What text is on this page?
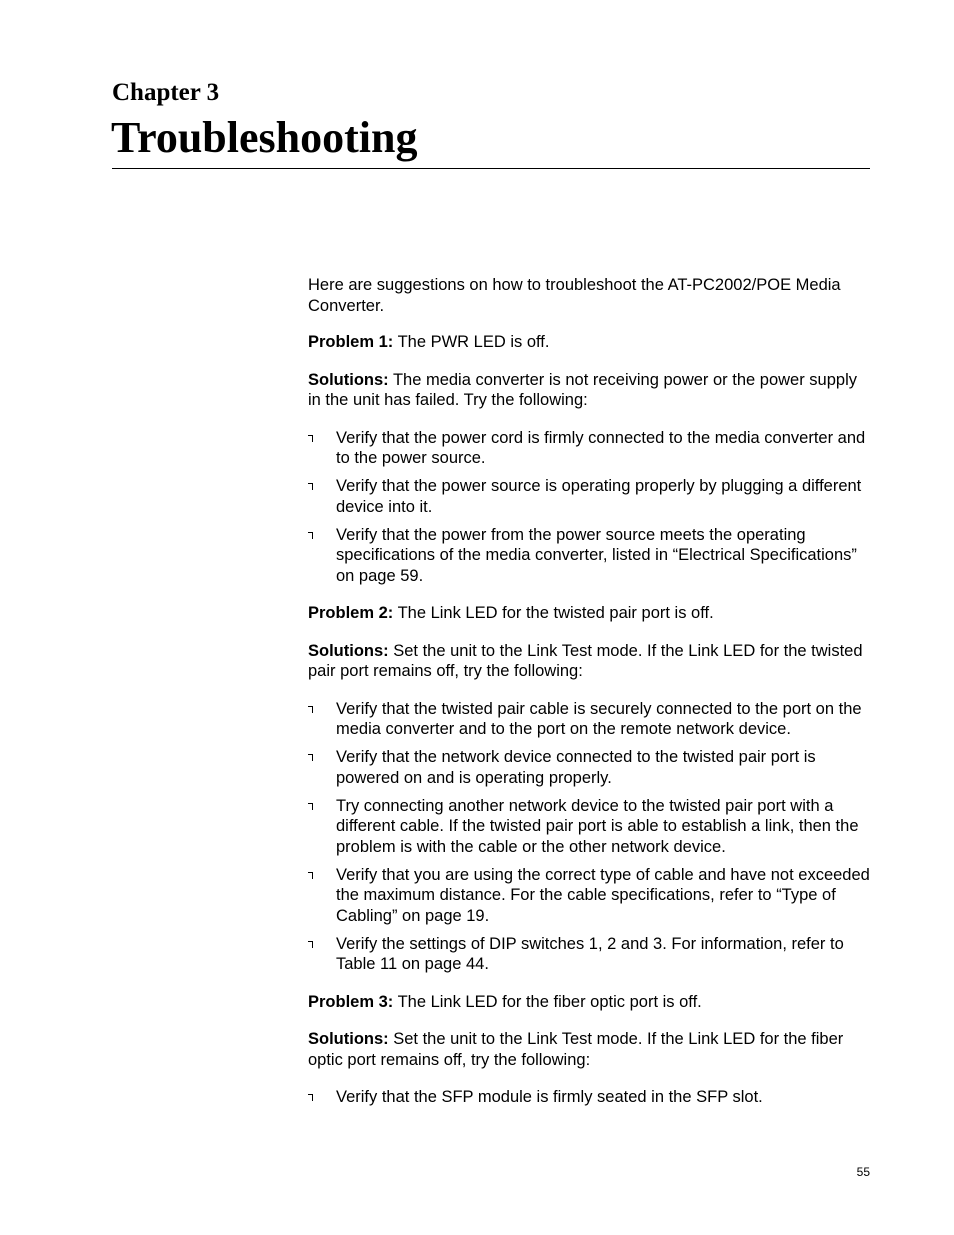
Chapter 3
Troubleshooting

Here are suggestions on how to troubleshoot the AT-PC2002/POE Media Converter.

Problem 1: The PWR LED is off.

Solutions: The media converter is not receiving power or the power supply in the unit has failed. Try the following:

Verify that the power cord is firmly connected to the media converter and to the power source.
Verify that the power source is operating properly by plugging a different device into it.
Verify that the power from the power source meets the operating specifications of the media converter, listed in “Electrical Specifications” on page 59.

Problem 2: The Link LED for the twisted pair port is off.

Solutions: Set the unit to the Link Test mode. If the Link LED for the twisted pair port remains off, try the following:

Verify that the twisted pair cable is securely connected to the port on the media converter and to the port on the remote network device.
Verify that the network device connected to the twisted pair port is powered on and is operating properly.
Try connecting another network device to the twisted pair port with a different cable. If the twisted pair port is able to establish a link, then the problem is with the cable or the other network device.
Verify that you are using the correct type of cable and have not exceeded the maximum distance. For the cable specifications, refer to “Type of Cabling” on page 19.
Verify the settings of DIP switches 1, 2 and 3. For information, refer to Table 11 on page 44.

Problem 3: The Link LED for the fiber optic port is off.

Solutions: Set the unit to the Link Test mode. If the Link LED for the fiber optic port remains off, try the following:

Verify that the SFP module is firmly seated in the SFP slot.
55
